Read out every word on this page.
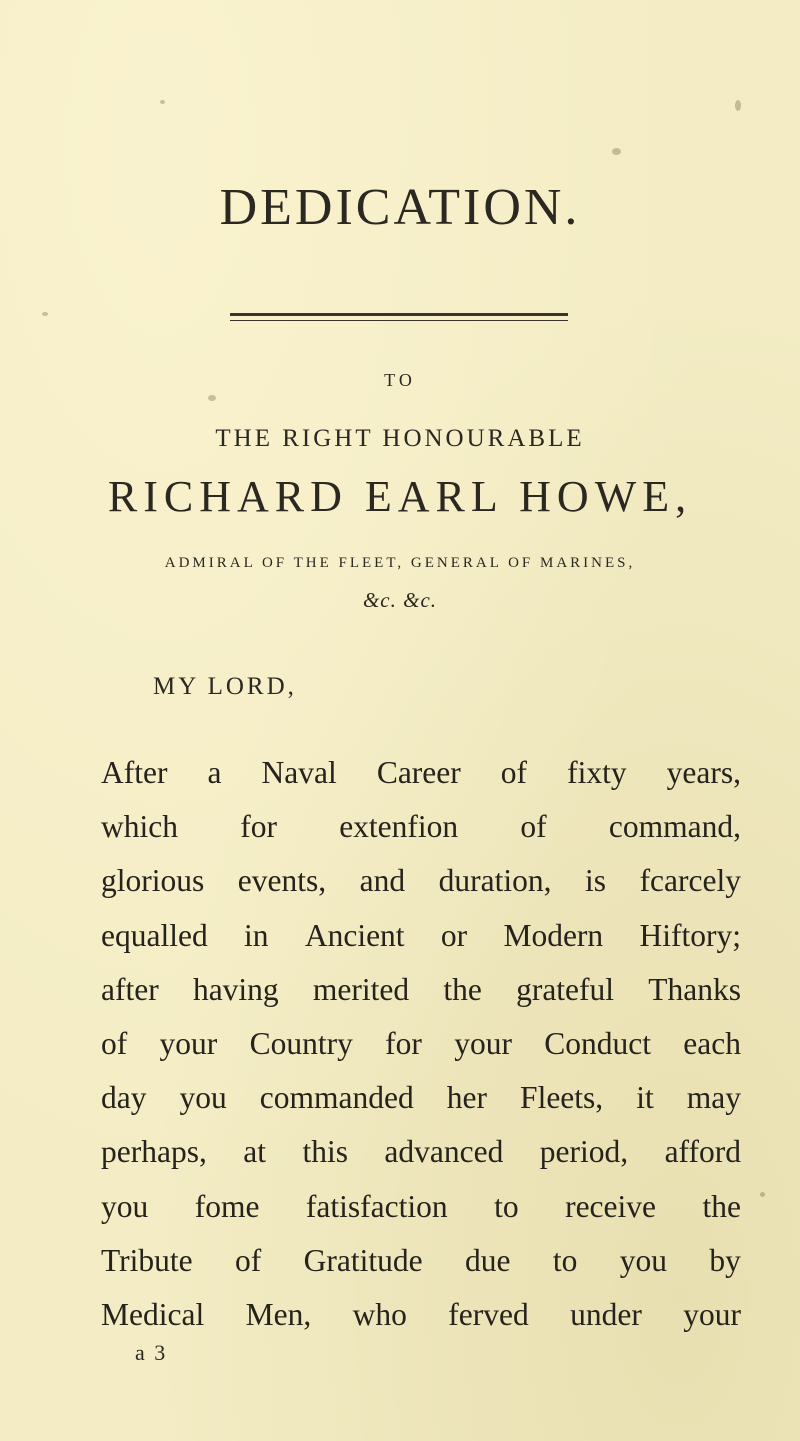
DEDICATION.
TO
THE RIGHT HONOURABLE
RICHARD EARL HOWE,
ADMIRAL OF THE FLEET, GENERAL OF MARINES,
&c. &c.
MY LORD,
After a Naval Career of fixty years,
which for extenfion of command,
glorious events, and duration, is fcarcely
equalled in Ancient or Modern Hiftory;
after having merited the grateful Thanks
of your Country for your Conduct each
day you commanded her Fleets, it may
perhaps, at this advanced period, afford
you fome fatisfaction to receive the
Tribute of Gratitude due to you by
Medical Men, who ferved under your
a 3
